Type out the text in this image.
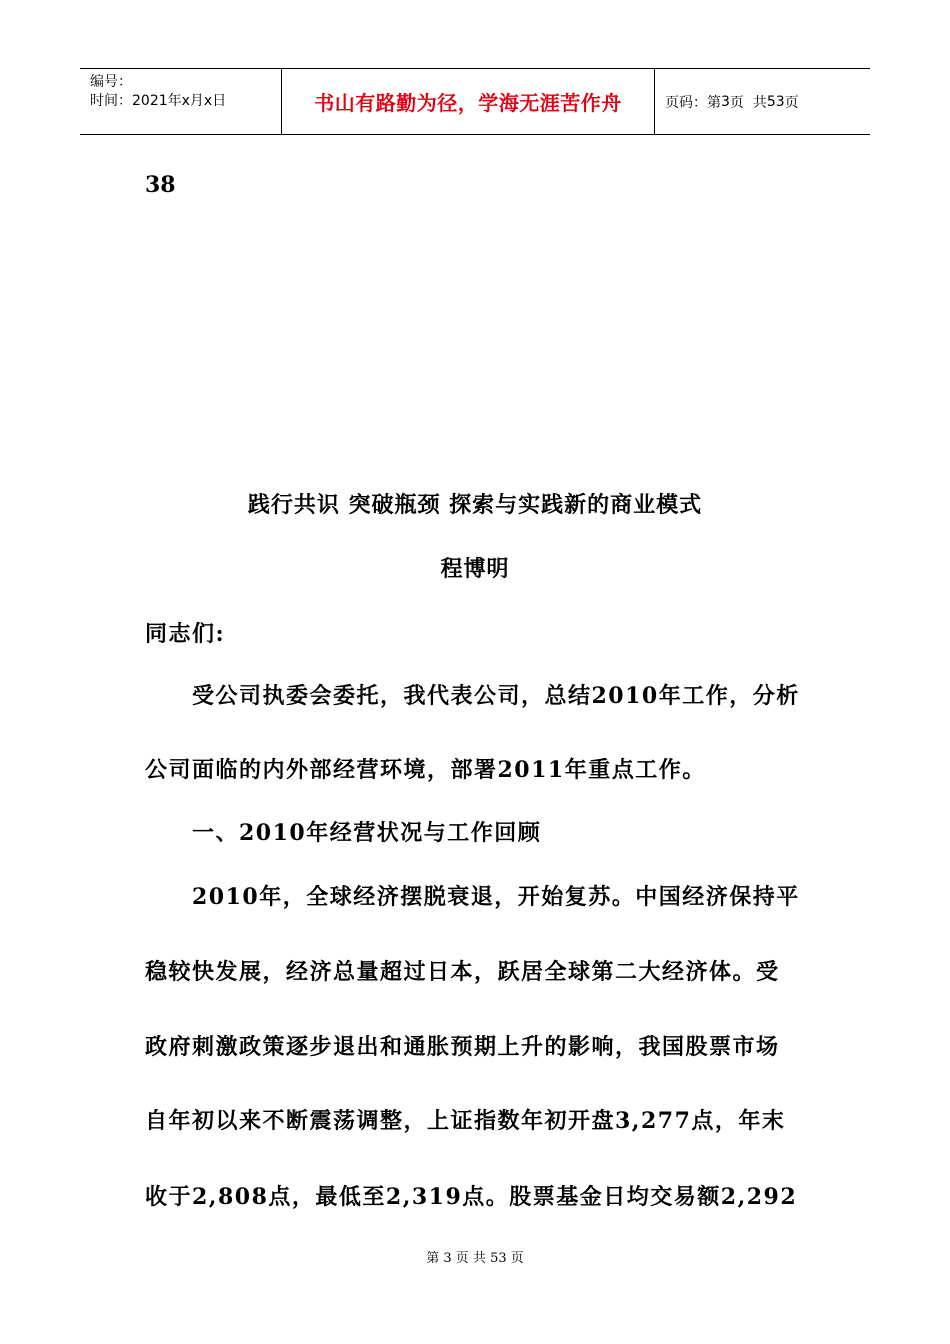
编号：
时间：2021年x月x日	书山有路勤为径，学海无涯苦作舟	页码：第 3 页  共 53 页
38
践行共识 突破瓶颈 探索与实践新的商业模式
程博明
同志们:
　　受公司执委会委托，我代表公司，总结2010年工作，分析
公司面临的内外部经营环境，部署2011年重点工作。
　　一、2010年经营状况与工作回顾
　　2010年，全球经济摆脱衰退，开始复苏。中国经济保持平
稳较快发展，经济总量超过日本，跃居全球第二大经济体。受
政府刺激政策逐步退出和通胀预期上升的影响，我国股票市场
自年初以来不断震荡调整，上证指数年初开盘3,277点，年末
收于2,808点，最低至2,319点。股票基金日均交易额2,292
第 3 页 共 53 页
